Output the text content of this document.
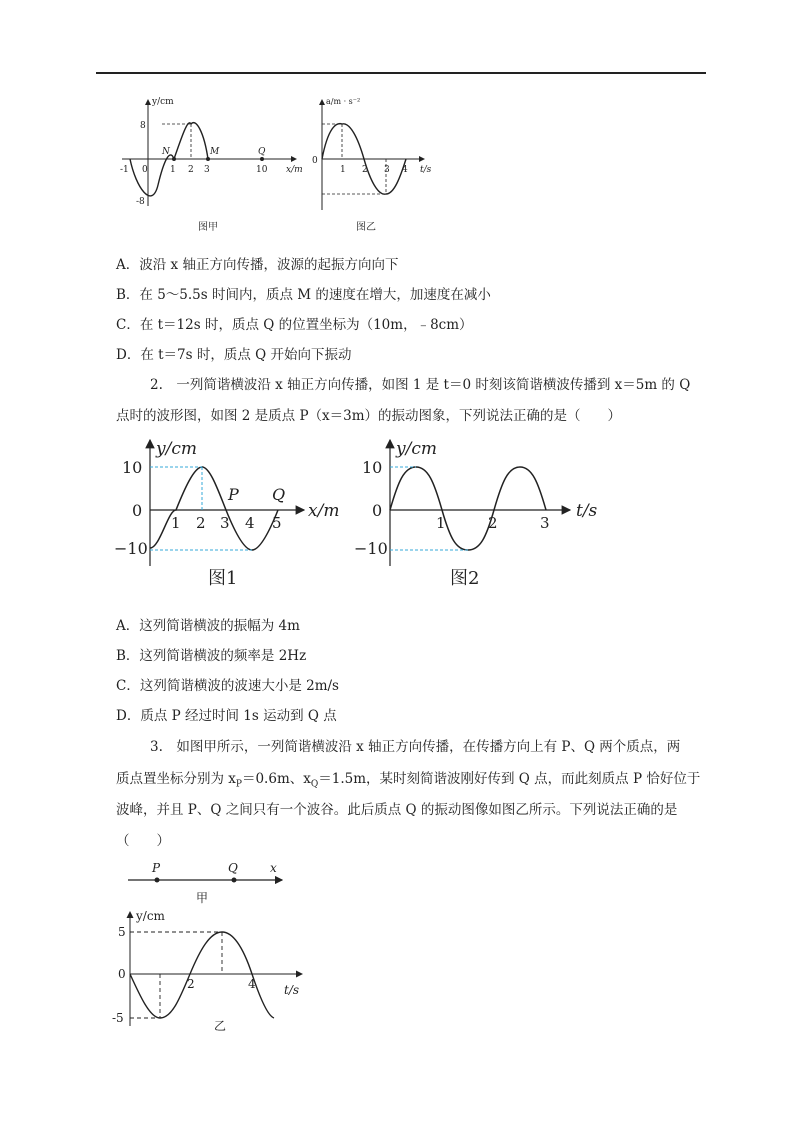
y/cm
x/m
8
-8
-1 0 1 2 3	10
N	M	Q
图甲
a/m · s⁻²
t/s
0
1 2 3 4
图乙
A．波沿 x 轴正方向传播，波源的起振方向向下
B．在 5～5.5s 时间内，质点 M 的速度在增大，加速度在减小
C．在 t＝12s 时，质点 Q 的位置坐标为（10m，﹣8cm）
D．在 t＝7s 时，质点 Q 开始向下振动
2.　一列简谐横波沿 x 轴正方向传播，如图 1 是 t＝0 时刻该简谐横波传播到 x＝5m 的 Q
点时的波形图，如图 2 是质点 P（x＝3m）的振动图象，下列说法正确的是（　　）
y/cm
x/m
10
0
−10
1 2 3 4 5
P Q
图1
y/cm
t/s
10
0
−10
1	2	3
图2
A．这列简谐横波的振幅为 4m
B．这列简谐横波的频率是 2Hz
C．这列简谐横波的波速大小是 2m/s
D．质点 P 经过时间 1s 运动到 Q 点
3.　如图甲所示，一列简谐横波沿 x 轴正方向传播，在传播方向上有 P、Q 两个质点，两
质点置坐标分别为 $x_P=0.6m$、$x_Q=1.5m$，某时刻简谐波刚好传到 Q 点，而此刻质点 P 恰好位于
波峰，并且 P、Q 之间只有一个波谷。此后质点 Q 的振动图像如图乙所示。下列说法正确的是
（　　）
P	Q	x
甲
y/cm
t/s
5
0
-5
2	4
乙
